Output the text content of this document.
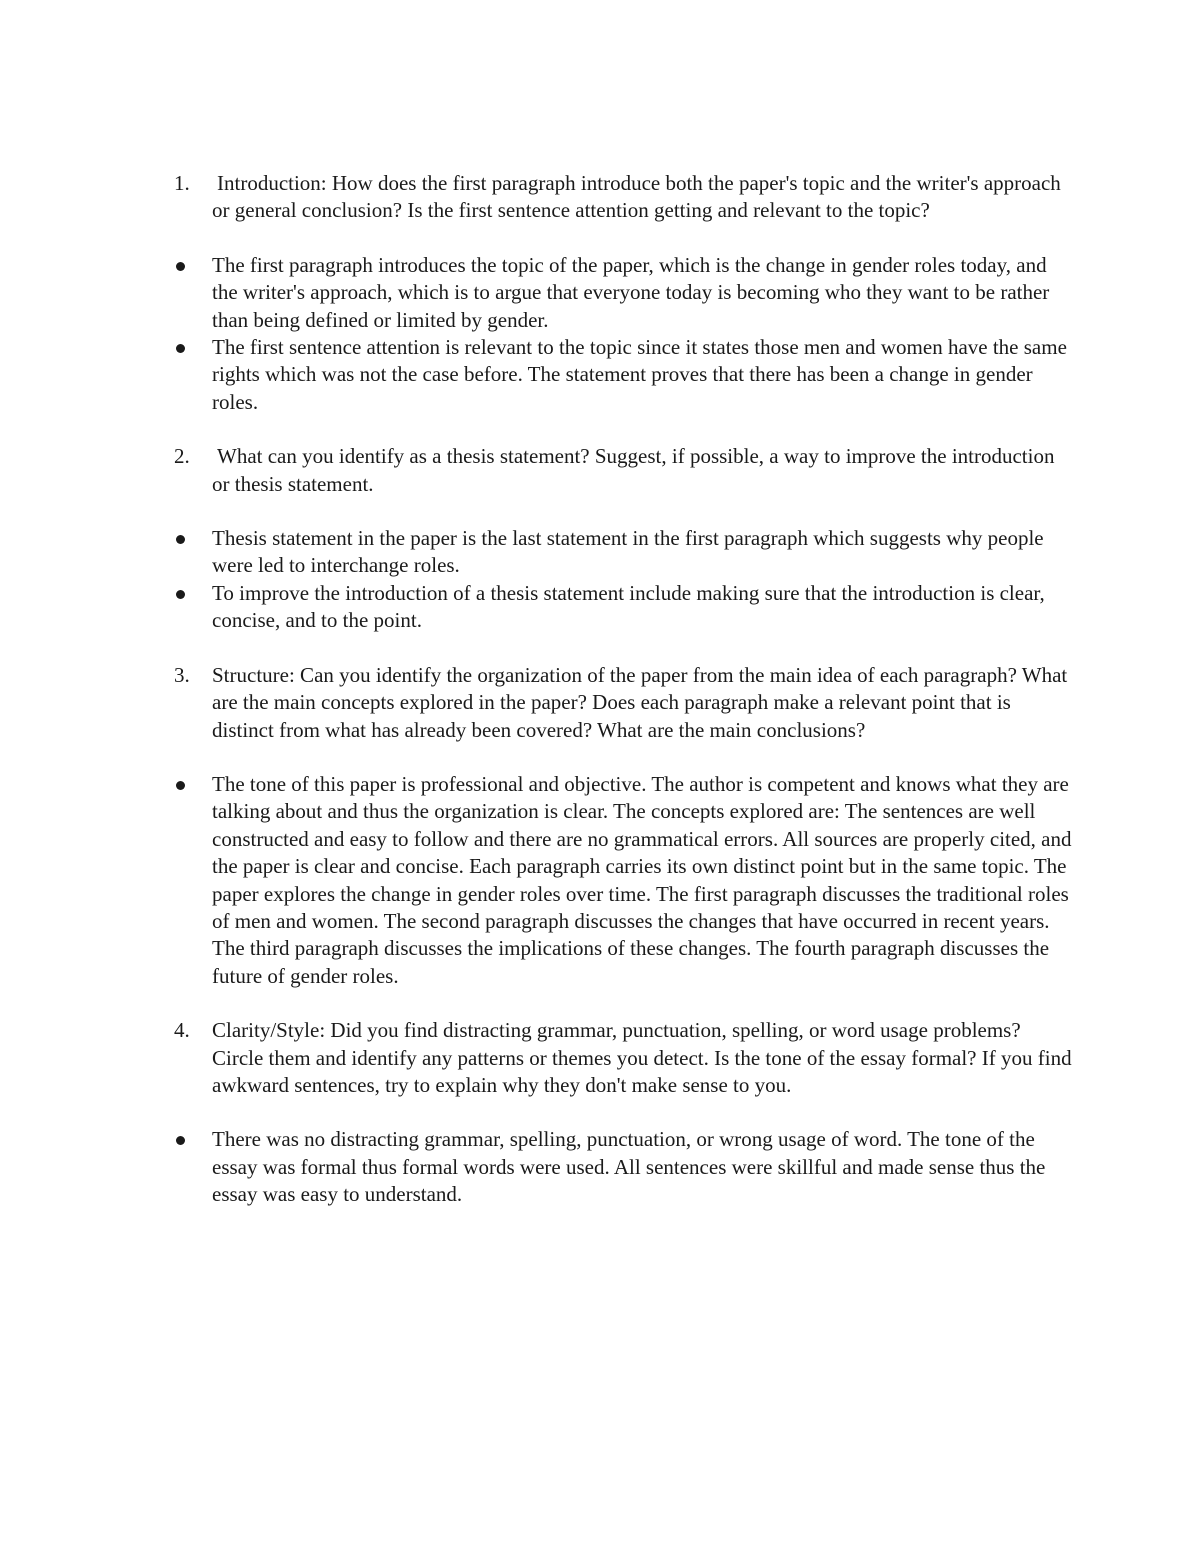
1. Introduction: How does the first paragraph introduce both the paper's topic and the writer's approach or general conclusion? Is the first sentence attention getting and relevant to the topic?
The first paragraph introduces the topic of the paper, which is the change in gender roles today, and the writer's approach, which is to argue that everyone today is becoming who they want to be rather than being defined or limited by gender.
The first sentence attention is relevant to the topic since it states those men and women have the same rights which was not the case before. The statement proves that there has been a change in gender roles.
2. What can you identify as a thesis statement? Suggest, if possible, a way to improve the introduction or thesis statement.
Thesis statement in the paper is the last statement in the first paragraph which suggests why people were led to interchange roles.
To improve the introduction of a thesis statement include making sure that the introduction is clear, concise, and to the point.
3. Structure: Can you identify the organization of the paper from the main idea of each paragraph? What are the main concepts explored in the paper? Does each paragraph make a relevant point that is distinct from what has already been covered? What are the main conclusions?
The tone of this paper is professional and objective. The author is competent and knows what they are talking about and thus the organization is clear. The concepts explored are: The sentences are well constructed and easy to follow and there are no grammatical errors. All sources are properly cited, and the paper is clear and concise. Each paragraph carries its own distinct point but in the same topic. The paper explores the change in gender roles over time. The first paragraph discusses the traditional roles of men and women. The second paragraph discusses the changes that have occurred in recent years. The third paragraph discusses the implications of these changes. The fourth paragraph discusses the future of gender roles.
4. Clarity/Style: Did you find distracting grammar, punctuation, spelling, or word usage problems? Circle them and identify any patterns or themes you detect. Is the tone of the essay formal? If you find awkward sentences, try to explain why they don't make sense to you.
There was no distracting grammar, spelling, punctuation, or wrong usage of word. The tone of the essay was formal thus formal words were used. All sentences were skillful and made sense thus the essay was easy to understand.
